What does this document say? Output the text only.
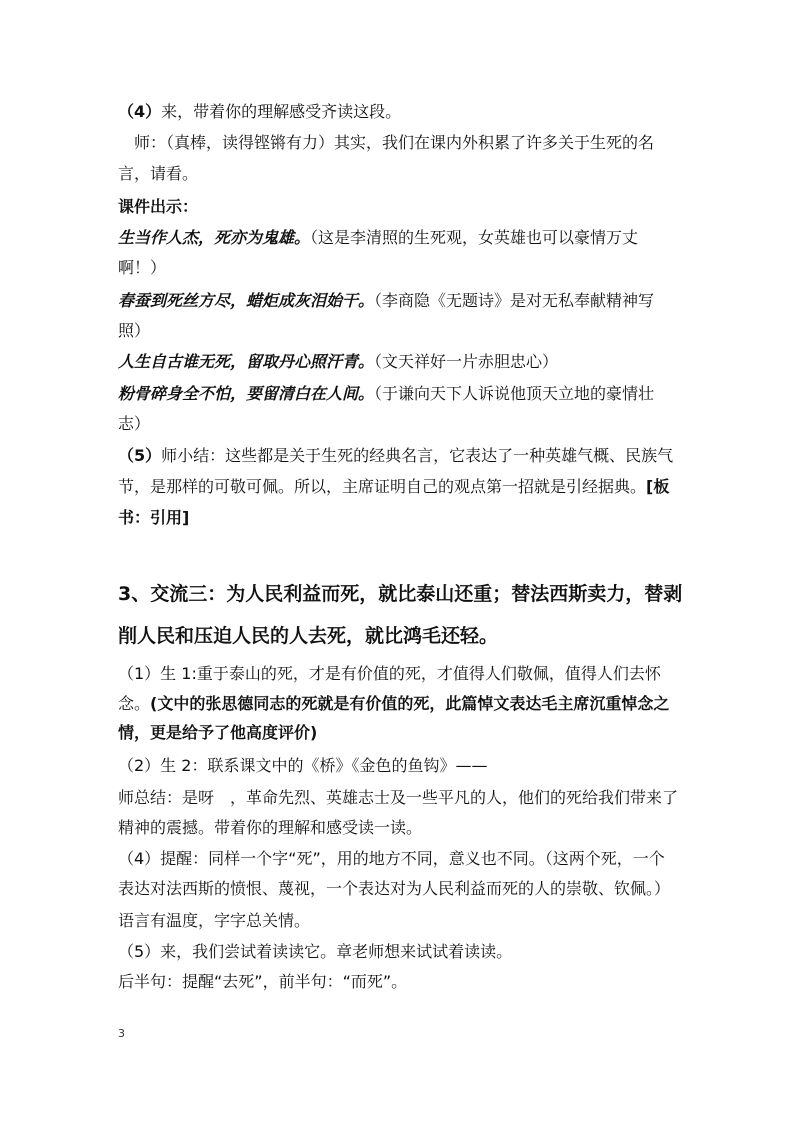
（4）来，带着你的理解感受齐读这段。
　师：（真棒，读得铿锵有力）其实，我们在课内外积累了许多关于生死的名
言，请看。
课件出示：
生当作人杰，死亦为鬼雄。（这是李清照的生死观，女英雄也可以豪情万丈
啊！）
春蚕到死丝方尽，蜡炬成灰泪始干。（李商隐《无题诗》是对无私奉献精神写
照）
人生自古谁无死，留取丹心照汗青。（文天祥好一片赤胆忠心）
粉骨碎身全不怕，要留清白在人间。（于谦向天下人诉说他顶天立地的豪情壮
志）
（5）师小结：这些都是关于生死的经典名言，它表达了一种英雄气概、民族气
节，是那样的可敬可佩。所以，主席证明自己的观点第一招就是引经据典。[板
书：引用]
3、交流三：为人民利益而死，就比泰山还重；替法西斯卖力，替剥
削人民和压迫人民的人去死，就比鸿毛还轻。
（1）生 1:重于泰山的死，才是有价值的死，才值得人们敬佩，值得人们去怀
念。(文中的张思德同志的死就是有价值的死，此篇悼文表达毛主席沉重悼念之
情，更是给予了他高度评价)
（2）生 2：联系课文中的《桥》《金色的鱼钩》——
师总结：是呀　，革命先烈、英雄志士及一些平凡的人，他们的死给我们带来了
精神的震撼。带着你的理解和感受读一读。
（4）提醒：同样一个字“死”，用的地方不同，意义也不同。（这两个死，一个
表达对法西斯的愤恨、蔑视，一个表达对为人民利益而死的人的崇敬、钦佩。）
语言有温度，字字总关情。
（5）来，我们尝试着读读它。章老师想来试试着读读。
后半句：提醒“去死”，前半句：“而死”。
3
